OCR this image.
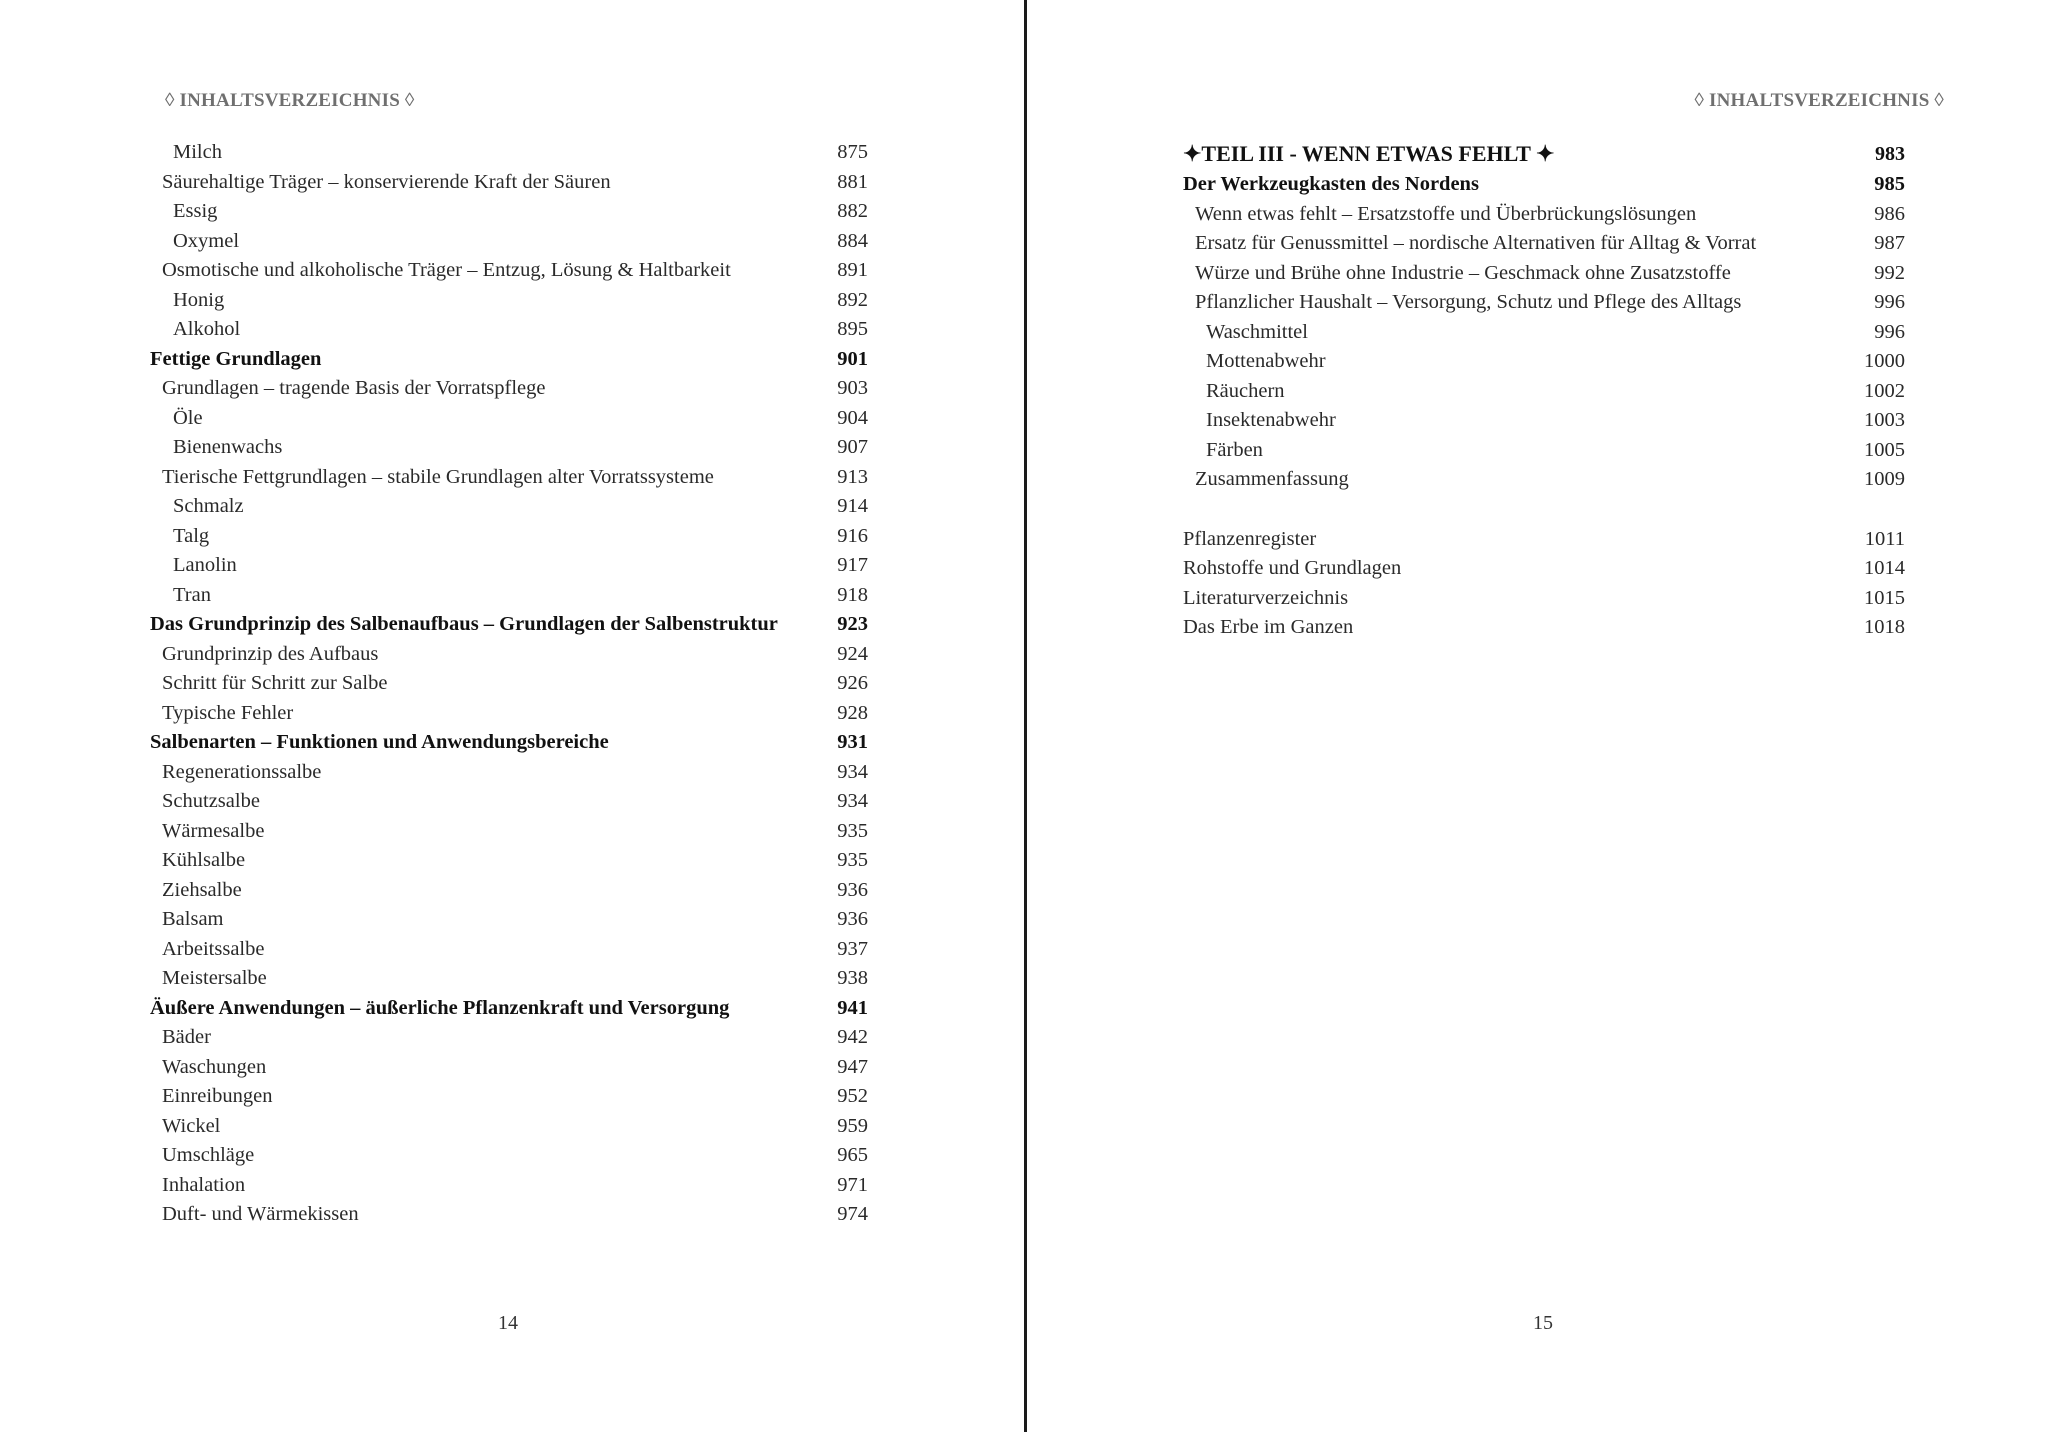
◊ INHALTSVERZEICHNIS ◊
Milch	875
Säurehaltige Träger – konservierende Kraft der Säuren	881
Essig	882
Oxymel	884
Osmotische und alkoholische Träger – Entzug, Lösung & Haltbarkeit	891
Honig	892
Alkohol	895
Fettige Grundlagen	901
Grundlagen – tragende Basis der Vorratspflege	903
Öle	904
Bienenwachs	907
Tierische Fettgrundlagen – stabile Grundlagen alter Vorratssysteme	913
Schmalz	914
Talg	916
Lanolin	917
Tran	918
Das Grundprinzip des Salbenaufbaus – Grundlagen der Salbenstruktur	923
Grundprinzip des Aufbaus	924
Schritt für Schritt zur Salbe	926
Typische Fehler	928
Salbenarten – Funktionen und Anwendungsbereiche	931
Regenerationssalbe	934
Schutzsalbe	934
Wärmesalbe	935
Kühlsalbe	935
Ziehsalbe	936
Balsam	936
Arbeitssalbe	937
Meistersalbe	938
Äußere Anwendungen – äußerliche Pflanzenkraft und Versorgung	941
Bäder	942
Waschungen	947
Einreibungen	952
Wickel	959
Umschläge	965
Inhalation	971
Duft- und Wärmekissen	974
14
◊ INHALTSVERZEICHNIS ◊
✦TEIL III - WENN ETWAS FEHLT ✦	983
Der Werkzeugkasten des Nordens	985
Wenn etwas fehlt – Ersatzstoffe und Überbrückungslösungen	986
Ersatz für Genussmittel – nordische Alternativen für Alltag & Vorrat	987
Würze und Brühe ohne Industrie – Geschmack ohne Zusatzstoffe	992
Pflanzlicher Haushalt – Versorgung, Schutz und Pflege des Alltags	996
Waschmittel	996
Mottenabwehr	1000
Räuchern	1002
Insektenabwehr	1003
Färben	1005
Zusammenfassung	1009
Pflanzenregister	1011
Rohstoffe und Grundlagen	1014
Literaturverzeichnis	1015
Das Erbe im Ganzen	1018
15
